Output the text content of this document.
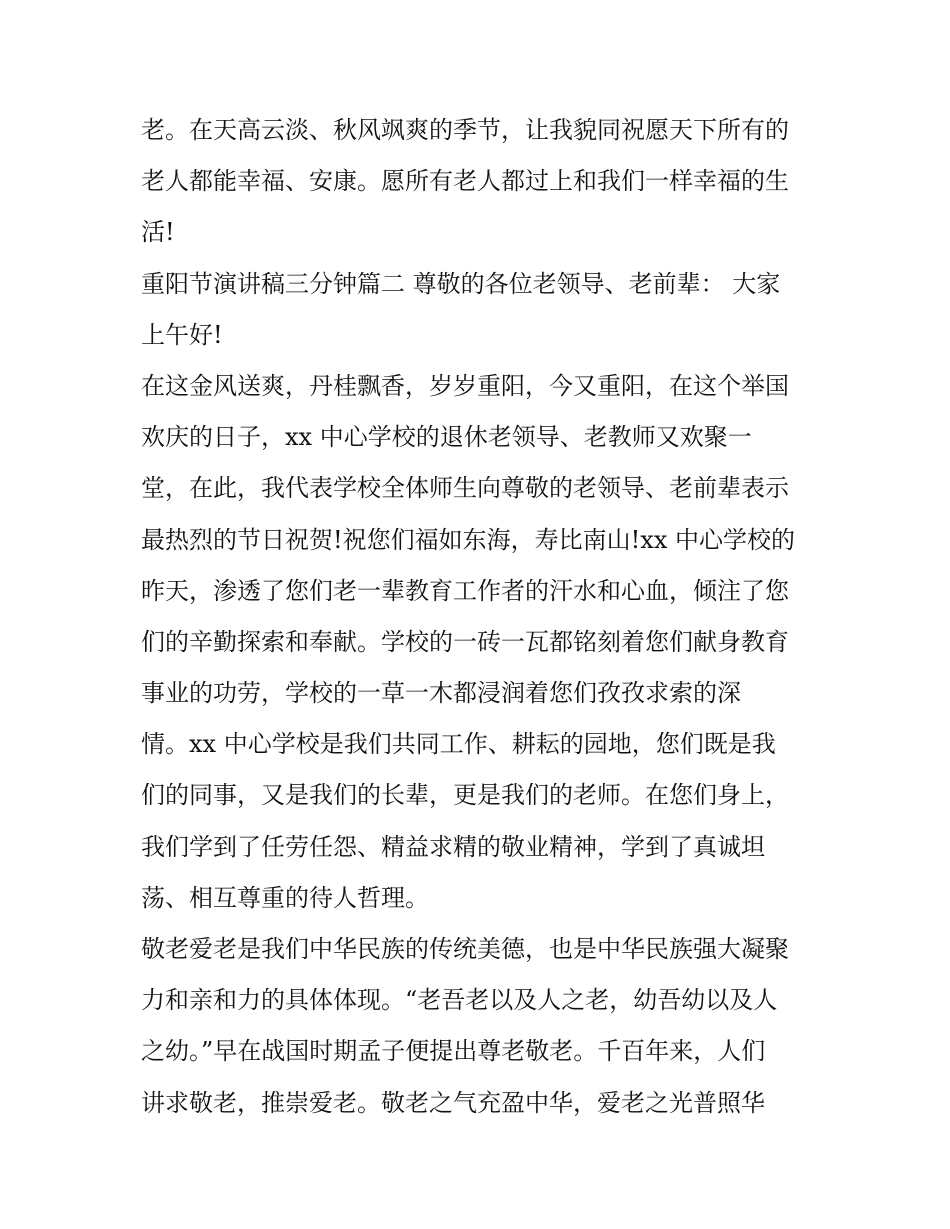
老。在天高云淡、秋风飒爽的季节，让我貌同祝愿天下所有的
老人都能幸福、安康。愿所有老人都过上和我们一样幸福的生
活!
重阳节演讲稿三分钟篇二 尊敬的各位老领导、老前辈： 大家
上午好!
在这金风送爽，丹桂飘香，岁岁重阳，今又重阳，在这个举国
欢庆的日子，xx 中心学校的退休老领导、老教师又欢聚一
堂，在此，我代表学校全体师生向尊敬的老领导、老前辈表示
最热烈的节日祝贺!祝您们福如东海，寿比南山!xx 中心学校的
昨天，渗透了您们老一辈教育工作者的汗水和心血，倾注了您
们的辛勤探索和奉献。学校的一砖一瓦都铭刻着您们献身教育
事业的功劳，学校的一草一木都浸润着您们孜孜求索的深
情。xx 中心学校是我们共同工作、耕耘的园地，您们既是我
们的同事，又是我们的长辈，更是我们的老师。在您们身上，
我们学到了任劳任怨、精益求精的敬业精神，学到了真诚坦
荡、相互尊重的待人哲理。
敬老爱老是我们中华民族的传统美德，也是中华民族强大凝聚
力和亲和力的具体体现。“老吾老以及人之老，幼吾幼以及人
之幼。”早在战国时期孟子便提出尊老敬老。千百年来，人们
讲求敬老，推崇爱老。敬老之气充盈中华，爱老之光普照华
